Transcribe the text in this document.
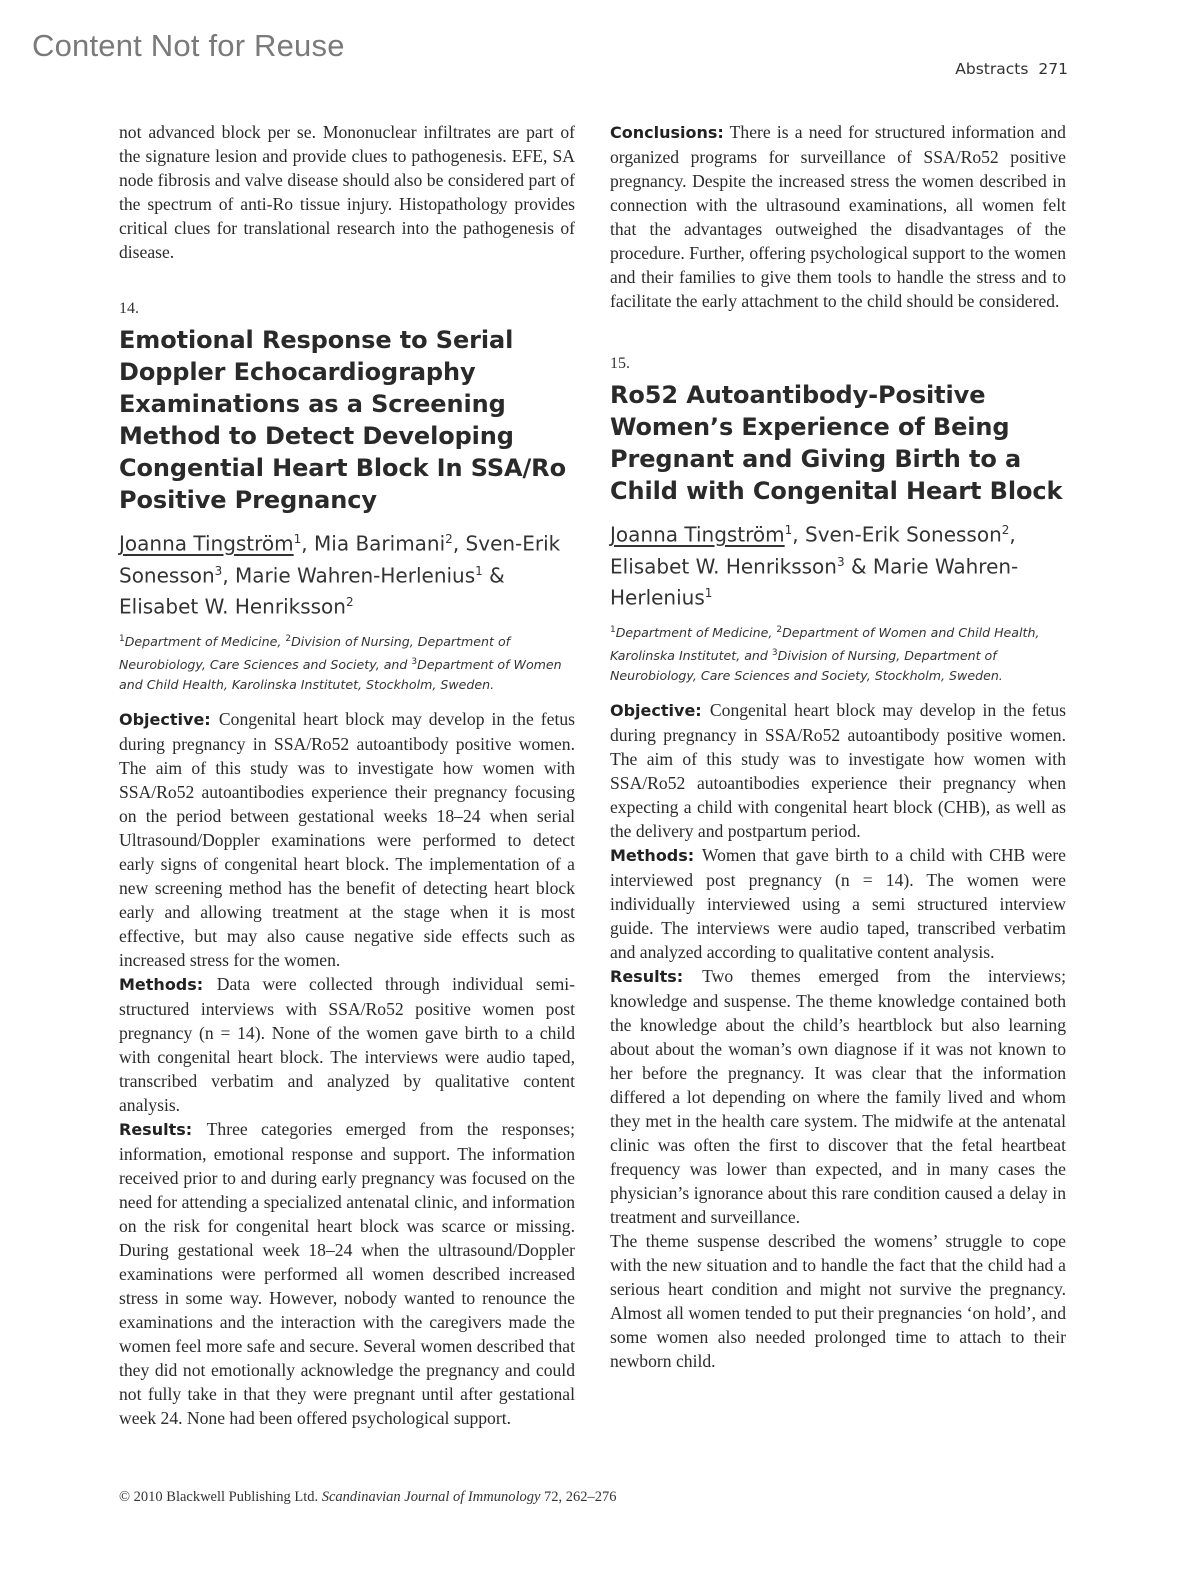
Content Not for Reuse
Abstracts 271

not advanced block per se. Mononuclear infiltrates are part of the signature lesion and provide clues to pathogenesis. EFE, SA node fibrosis and valve disease should also be considered part of the spectrum of anti-Ro tissue injury. Histopathology provides critical clues for translational research into the pathogenesis of disease.

14.

Emotional Response to Serial Doppler Echocardiography Examinations as a Screening Method to Detect Developing Congential Heart Block In SSA/Ro Positive Pregnancy
Joanna Tingström$^1$, Mia Barimani$^2$, Sven-Erik Sonesson$^3$, Marie Wahren-Herlenius$^1$ & Elisabet W. Henriksson$^2$
$^1$Department of Medicine, $^2$Division of Nursing, Department of Neurobiology, Care Sciences and Society, and $^3$Department of Women and Child Health, Karolinska Institutet, Stockholm, Sweden.

Objective: Congenital heart block may develop in the fetus during pregnancy in SSA/Ro52 autoantibody positive women. The aim of this study was to investigate how women with SSA/Ro52 autoantibodies experience their pregnancy focusing on the period between gestational weeks 18–24 when serial Ultrasound/Doppler examinations were performed to detect early signs of congenital heart block. The implementation of a new screening method has the benefit of detecting heart block early and allowing treatment at the stage when it is most effective, but may also cause negative side effects such as increased stress for the women.

Methods: Data were collected through individual semi-structured interviews with SSA/Ro52 positive women post pregnancy (n = 14). None of the women gave birth to a child with congenital heart block. The interviews were audio taped, transcribed verbatim and analyzed by qualitative content analysis.

Results: Three categories emerged from the responses; information, emotional response and support. The information received prior to and during early pregnancy was focused on the need for attending a specialized antenatal clinic, and information on the risk for congenital heart block was scarce or missing. During gestational week 18–24 when the ultrasound/Doppler examinations were performed all women described increased stress in some way. However, nobody wanted to renounce the examinations and the interaction with the caregivers made the women feel more safe and secure. Several women described that they did not emotionally acknowledge the pregnancy and could not fully take in that they were pregnant until after gestational week 24. None had been offered psychological support.

Conclusions: There is a need for structured information and organized programs for surveillance of SSA/Ro52 positive pregnancy. Despite the increased stress the women described in connection with the ultrasound examinations, all women felt that the advantages outweighed the disadvantages of the procedure. Further, offering psychological support to the women and their families to give them tools to handle the stress and to facilitate the early attachment to the child should be considered.

15.

Ro52 Autoantibody-Positive Women’s Experience of Being Pregnant and Giving Birth to a Child with Congenital Heart Block
Joanna Tingström$^1$, Sven-Erik Sonesson$^2$, Elisabet W. Henriksson$^3$ & Marie Wahren-Herlenius$^1$
$^1$Department of Medicine, $^2$Department of Women and Child Health, Karolinska Institutet, and $^3$Division of Nursing, Department of Neurobiology, Care Sciences and Society, Stockholm, Sweden.

Objective: Congenital heart block may develop in the fetus during pregnancy in SSA/Ro52 autoantibody positive women. The aim of this study was to investigate how women with SSA/Ro52 autoantibodies experience their pregnancy when expecting a child with congenital heart block (CHB), as well as the delivery and postpartum period.

Methods: Women that gave birth to a child with CHB were interviewed post pregnancy (n = 14). The women were individually interviewed using a semi structured interview guide. The interviews were audio taped, transcribed verbatim and analyzed according to qualitative content analysis.

Results: Two themes emerged from the interviews; knowledge and suspense. The theme knowledge contained both the knowledge about the child’s heartblock but also learning about about the woman’s own diagnose if it was not known to her before the pregnancy. It was clear that the information differed a lot depending on where the family lived and whom they met in the health care system. The midwife at the antenatal clinic was often the first to discover that the fetal heartbeat frequency was lower than expected, and in many cases the physician’s ignorance about this rare condition caused a delay in treatment and surveillance.

The theme suspense described the womens’ struggle to cope with the new situation and to handle the fact that the child had a serious heart condition and might not survive the pregnancy. Almost all women tended to put their pregnancies ‘on hold’, and some women also needed prolonged time to attach to their newborn child.

© 2010 Blackwell Publishing Ltd. Scandinavian Journal of Immunology 72, 262–276
